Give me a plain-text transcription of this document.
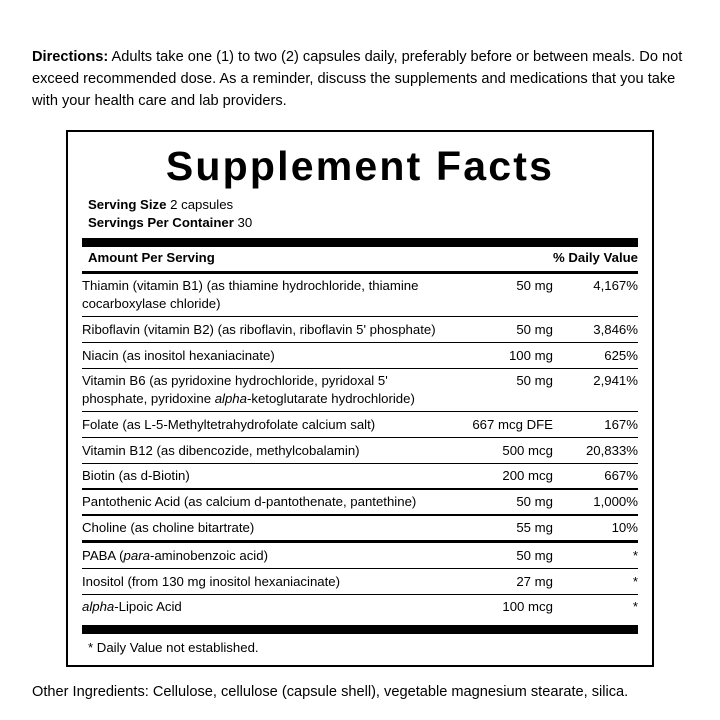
Directions: Adults take one (1) to two (2) capsules daily, preferably before or between meals. Do not exceed recommended dose. As a reminder, discuss the supplements and medications that you take with your health care and lab providers.

Supplement Facts
Serving Size 2 capsules
Servings Per Container 30
Amount Per Serving		% Daily Value

Thiamin (vitamin B1) (as thiamine hydrochloride, thiamine cocarboxylase chloride)	50 mg	4,167%

Riboflavin (vitamin B2) (as riboflavin, riboflavin 5' phosphate)	50 mg	3,846%

Niacin (as inositol hexaniacinate)	100 mg	625%

Vitamin B6 (as pyridoxine hydrochloride, pyridoxal 5' phosphate, pyridoxine alpha-ketoglutarate hydrochloride)	50 mg	2,941%

Folate (as L-5-Methyltetrahydrofolate calcium salt)	667 mcg DFE	167%

Vitamin B12 (as dibencozide, methylcobalamin)	500 mcg	20,833%

Biotin (as d-Biotin)	200 mcg	667%

Pantothenic Acid (as calcium d-pantothenate, pantethine)	50 mg	1,000%

Choline (as choline bitartrate)	55 mg	10%

PABA (para-aminobenzoic acid)	50 mg	*

Inositol (from 130 mg inositol hexaniacinate)	27 mg	*

alpha-Lipoic Acid	100 mcg	*
* Daily Value not established.

Other Ingredients: Cellulose, cellulose (capsule shell), vegetable magnesium stearate, silica.
